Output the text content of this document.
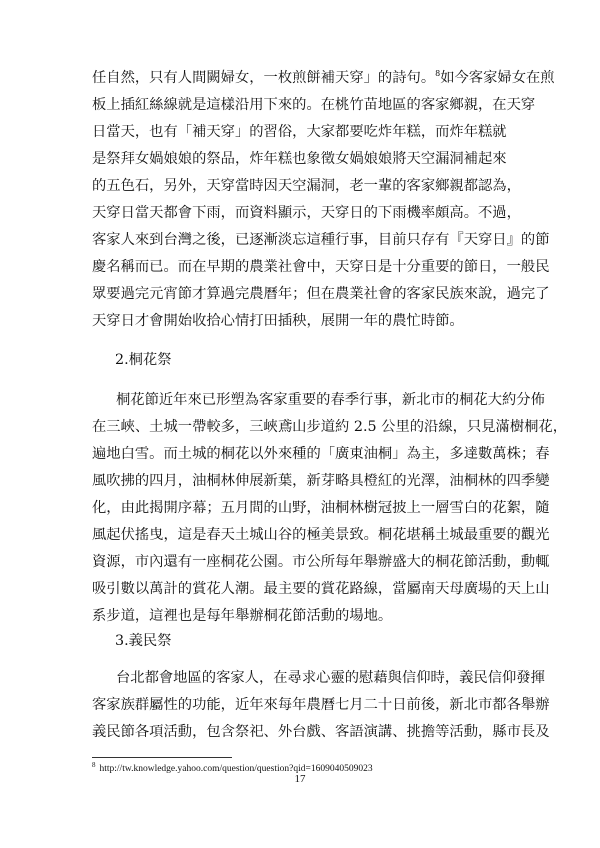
任自然，只有人間闕婦女，一枚煎餅補天穿」的詩句。$^8$如今客家婦女在煎
板上插紅絲線就是這樣沿用下來的。在桃竹苗地區的客家鄉親，在天穿
日當天，也有「補天穿」的習俗，大家都要吃炸年糕，而炸年糕就
是祭拜女媧娘娘的祭品，炸年糕也象徵女媧娘娘將天空漏洞補起來
的五色石，另外，天穿當時因天空漏洞，老一輩的客家鄉親都認為，
天穿日當天都會下雨，而資料顯示，天穿日的下雨機率頗高。不過，
客家人來到台灣之後，已逐漸淡忘這種行事，目前只存有『天穿日』的節
慶名稱而已。而在早期的農業社會中，天穿日是十分重要的節日，一般民
眾要過完元宵節才算過完農曆年；但在農業社會的客家民族來說，過完了
天穿日才會開始收拾心情打田插秧，展開一年的農忙時節。
2.桐花祭
桐花節近年來已形塑為客家重要的春季行事，新北市的桐花大約分佈
在三峽、土城一帶較多，三峽鳶山步道約 2.5 公里的沿線，只見滿樹桐花，
遍地白雪。而土城的桐花以外來種的「廣東油桐」為主，多達數萬株；春
風吹拂的四月，油桐林伸展新葉，新芽略具橙紅的光澤，油桐林的四季變
化，由此揭開序幕；五月間的山野，油桐林樹冠披上一層雪白的花絮，隨
風起伏搖曳，這是春天土城山谷的極美景致。桐花堪稱土城最重要的觀光
資源，市內還有一座桐花公園。市公所每年舉辦盛大的桐花節活動，動輒
吸引數以萬計的賞花人潮。最主要的賞花路線，當屬南天母廣場的天上山
系步道，這裡也是每年舉辦桐花節活動的場地。
3.義民祭
台北都會地區的客家人，在尋求心靈的慰藉與信仰時，義民信仰發揮
客家族群屬性的功能，近年來每年農曆七月二十日前後，新北市都各舉辦
義民節各項活動，包含祭祀、外台戲、客語演講、挑擔等活動，縣市長及
$^8$ http://tw.knowledge.yahoo.com/question/question?qid=1609040509023
17
